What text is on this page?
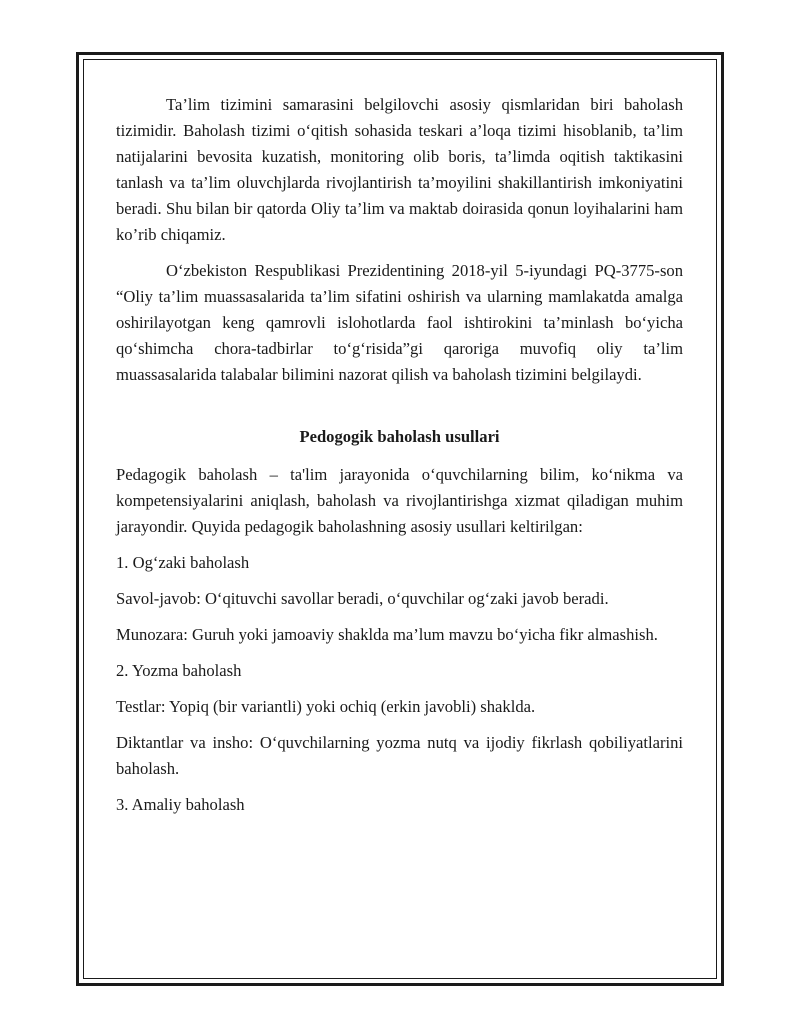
Ta’lim tizimini samarasini belgilovchi asosiy qismlaridan biri baholash tizimidir. Baholash tizimi o‘qitish sohasida teskari a’loqa tizimi hisoblanib, ta’lim natijalarini bevosita kuzatish, monitoring olib boris, ta’limda oqitish taktikasini tanlash va ta’lim oluvchjlarda rivojlantirish ta’moyilini shakillantirish imkoniyatini beradi. Shu bilan bir qatorda Oliy ta’lim va maktab doirasida qonun loyihalarini ham ko’rib chiqamiz.

O‘zbekiston Respublikasi Prezidentining 2018-yil 5-iyundagi PQ-3775-son “Oliy ta’lim muassasalarida ta’lim sifatini oshirish va ularning mamlakatda amalga oshirilayotgan keng qamrovli islohotlarda faol ishtirokini ta’minlash bo‘yicha qo‘shimcha chora-tadbirlar to‘g‘risida”gi qaroriga muvofiq oliy ta’lim muassasalarida talabalar bilimini nazorat qilish va baholash tizimini belgilaydi.

Pedogogik baholash usullari

Pedagogik baholash – ta'lim jarayonida o‘quvchilarning bilim, ko‘nikma va kompetensiyalarini aniqlash, baholash va rivojlantirishga xizmat qiladigan muhim jarayondir. Quyida pedagogik baholashning asosiy usullari keltirilgan:

1. Og‘zaki baholash

Savol-javob: O‘qituvchi savollar beradi, o‘quvchilar og‘zaki javob beradi.

Munozara: Guruh yoki jamoaviy shaklda ma’lum mavzu bo‘yicha fikr almashish.

2. Yozma baholash

Testlar: Yopiq (bir variantli) yoki ochiq (erkin javobli) shaklda.

Diktantlar va insho: O‘quvchilarning yozma nutq va ijodiy fikrlash qobiliyatlarini baholash.

3. Amaliy baholash
